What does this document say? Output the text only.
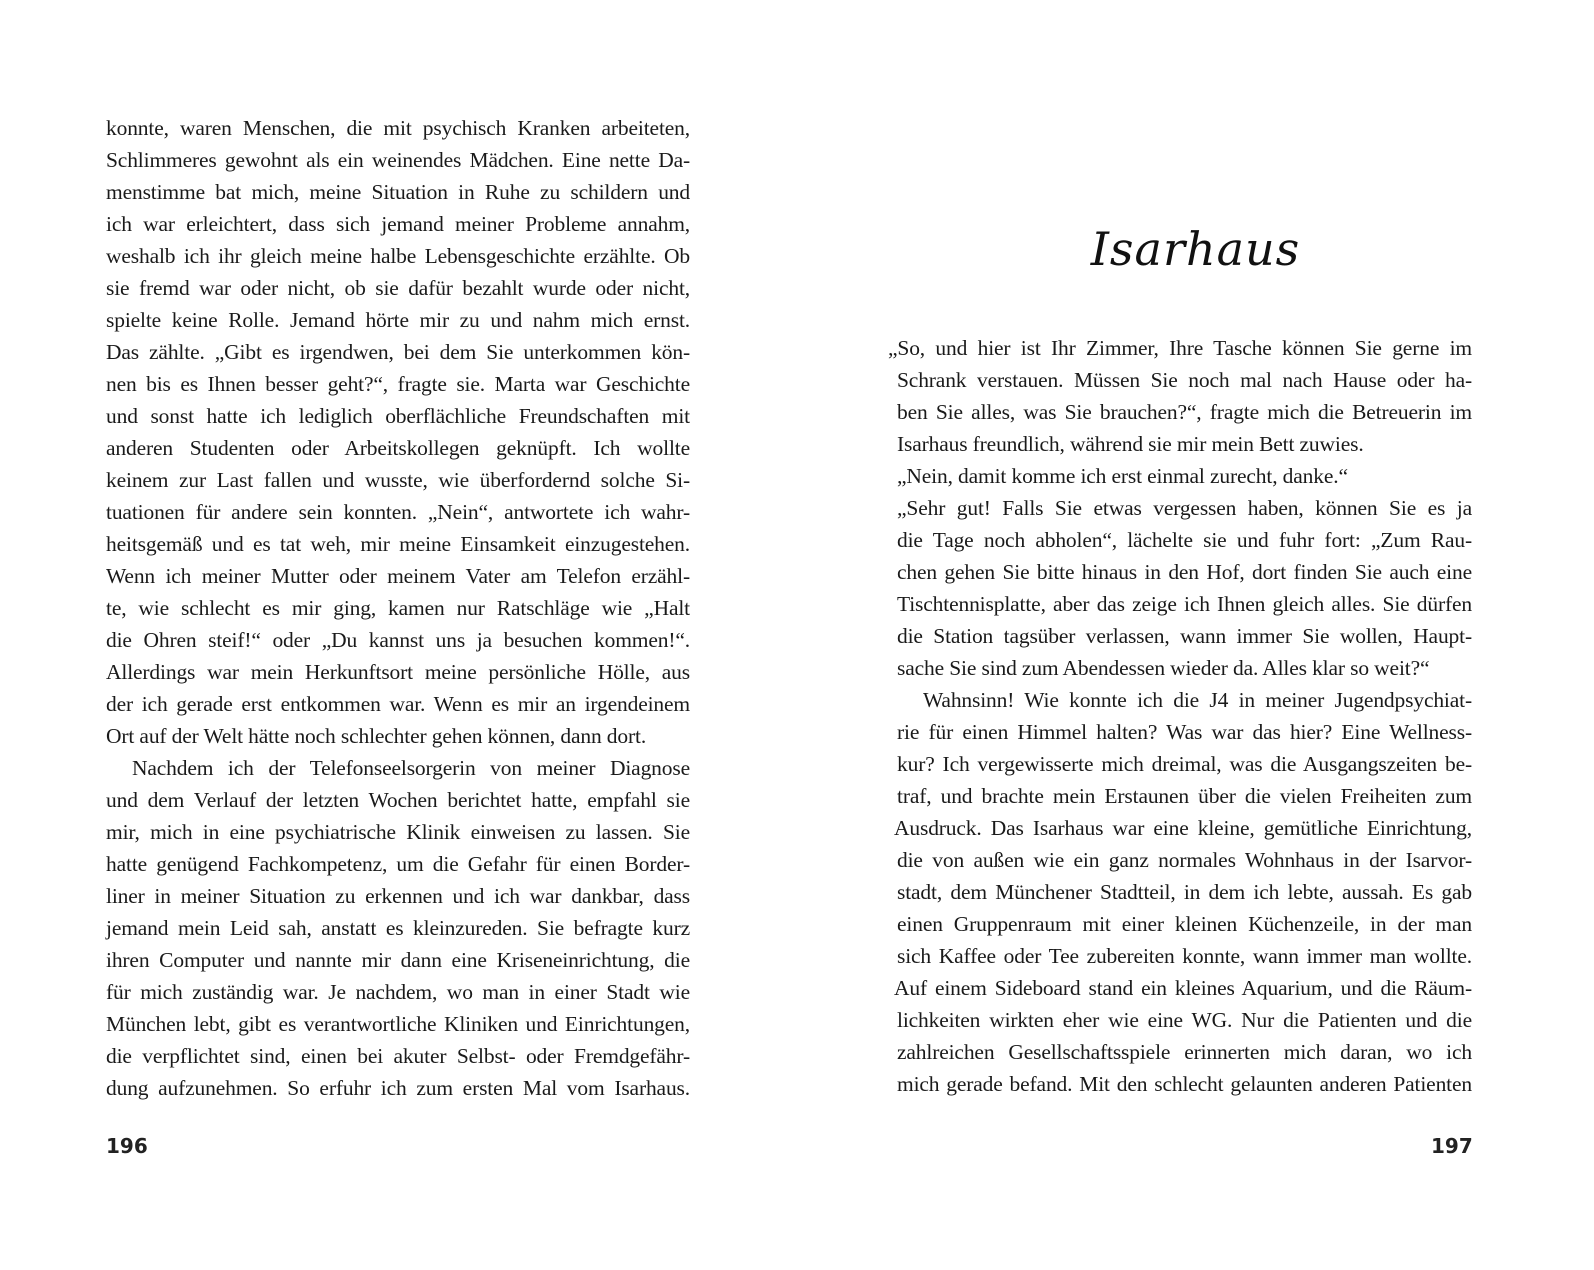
konnte, waren Menschen, die mit psychisch Kranken arbeiteten,
Schlimmeres gewohnt als ein weinendes Mädchen. Eine nette Da-
menstimme bat mich, meine Situation in Ruhe zu schildern und
ich war erleichtert, dass sich jemand meiner Probleme annahm,
weshalb ich ihr gleich meine halbe Lebensgeschichte erzählte. Ob
sie fremd war oder nicht, ob sie dafür bezahlt wurde oder nicht,
spielte keine Rolle. Jemand hörte mir zu und nahm mich ernst.
Das zählte. „Gibt es irgendwen, bei dem Sie unterkommen kön-
nen bis es Ihnen besser geht?“, fragte sie. Marta war Geschichte
und sonst hatte ich lediglich oberflächliche Freundschaften mit
anderen Studenten oder Arbeitskollegen geknüpft. Ich wollte
keinem zur Last fallen und wusste, wie überfordernd solche Si-
tuationen für andere sein konnten. „Nein“, antwortete ich wahr-
heitsgemäß und es tat weh, mir meine Einsamkeit einzugestehen.
Wenn ich meiner Mutter oder meinem Vater am Telefon erzähl-
te, wie schlecht es mir ging, kamen nur Ratschläge wie „Halt
die Ohren steif!“ oder „Du kannst uns ja besuchen kommen!“.
Allerdings war mein Herkunftsort meine persönliche Hölle, aus
der ich gerade erst entkommen war. Wenn es mir an irgendeinem
Ort auf der Welt hätte noch schlechter gehen können, dann dort.
Nachdem ich der Telefonseelsorgerin von meiner Diagnose
und dem Verlauf der letzten Wochen berichtet hatte, empfahl sie
mir, mich in eine psychiatrische Klinik einweisen zu lassen. Sie
hatte genügend Fachkompetenz, um die Gefahr für einen Border-
liner in meiner Situation zu erkennen und ich war dankbar, dass
jemand mein Leid sah, anstatt es kleinzureden. Sie befragte kurz
ihren Computer und nannte mir dann eine Kriseneinrichtung, die
für mich zuständig war. Je nachdem, wo man in einer Stadt wie
München lebt, gibt es verantwortliche Kliniken und Einrichtungen,
die verpflichtet sind, einen bei akuter Selbst- oder Fremdgefähr-
dung aufzunehmen. So erfuhr ich zum ersten Mal vom Isarhaus.
196
Isarhaus
„So, und hier ist Ihr Zimmer, Ihre Tasche können Sie gerne im
Schrank verstauen. Müssen Sie noch mal nach Hause oder ha-
ben Sie alles, was Sie brauchen?“, fragte mich die Betreuerin im
Isarhaus freundlich, während sie mir mein Bett zuwies.
„Nein, damit komme ich erst einmal zurecht, danke.“
„Sehr gut! Falls Sie etwas vergessen haben, können Sie es ja
die Tage noch abholen“, lächelte sie und fuhr fort: „Zum Rau-
chen gehen Sie bitte hinaus in den Hof, dort finden Sie auch eine
Tischtennisplatte, aber das zeige ich Ihnen gleich alles. Sie dürfen
die Station tagsüber verlassen, wann immer Sie wollen, Haupt-
sache Sie sind zum Abendessen wieder da. Alles klar so weit?“
Wahnsinn! Wie konnte ich die J4 in meiner Jugendpsychiat-
rie für einen Himmel halten? Was war das hier? Eine Wellness-
kur? Ich vergewisserte mich dreimal, was die Ausgangszeiten be-
traf, und brachte mein Erstaunen über die vielen Freiheiten zum
Ausdruck. Das Isarhaus war eine kleine, gemütliche Einrichtung,
die von außen wie ein ganz normales Wohnhaus in der Isarvor-
stadt, dem Münchener Stadtteil, in dem ich lebte, aussah. Es gab
einen Gruppenraum mit einer kleinen Küchenzeile, in der man
sich Kaffee oder Tee zubereiten konnte, wann immer man wollte.
Auf einem Sideboard stand ein kleines Aquarium, und die Räum-
lichkeiten wirkten eher wie eine WG. Nur die Patienten und die
zahlreichen Gesellschaftsspiele erinnerten mich daran, wo ich
mich gerade befand. Mit den schlecht gelaunten anderen Patienten
197
